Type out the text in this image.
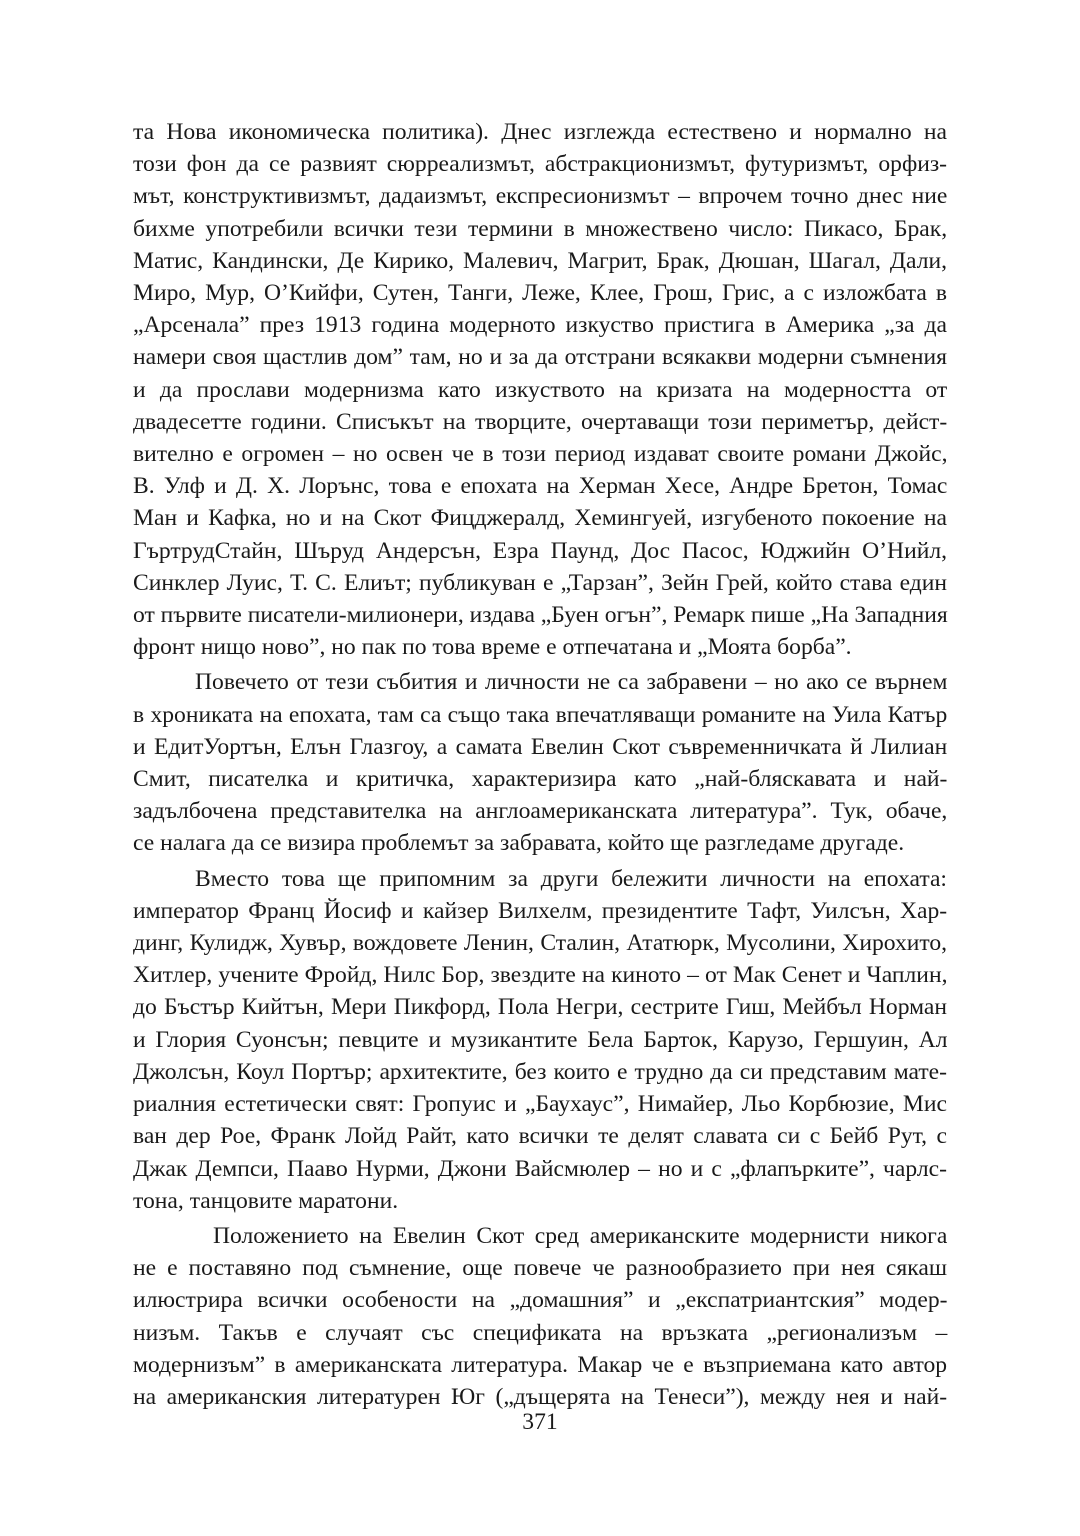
та Нова икономическа политика). Днес изглежда естествено и нормално на
този фон да се развият сюрреализмът, абстракционизмът, футуризмът, орфиз-
мът, конструктивизмът, дадаизмът, експресионизмът – впрочем точно днес ние
бихме употребили всички тези термини в множествено число: Пикасо, Брак,
Матис, Кандински, Де Кирико, Малевич, Магрит, Брак, Дюшан, Шагал, Дали,
Миро, Мур, О’Кийфи, Сутен, Танги, Леже, Клее, Грош, Грис, а с изложбата в
„Арсенала” през 1913 година модерното изкуство пристига в Америка „за да
намери своя щастлив дом” там, но и за да отстрани всякакви модерни съмнения
и да прослави модернизма като изкуството на кризата на модерността от
двадесетте години. Списъкът на творците, очертаващи този периметър, дейст-
вително е огромен – но освен че в този период издават своите романи Джойс,
В. Улф и Д. Х. Лорънс, това е епохата на Херман Хесе, Андре Бретон, Томас
Ман и Кафка, но и на Скот Фицджералд, Хемингуей, изгубеното покоение на
ГъртрудСтайн, Шъруд Андерсън, Езра Паунд, Дос Пасос, Юджийн О’Нийл,
Синклер Луис, Т. С. Елиът; публикуван е „Тарзан”, Зейн Грей, който става един
от първите писатели-милионери, издава „Буен огън”, Ремарк пише „На Западния
фронт нищо ново”, но пак по това време е отпечатана и „Моята борба”.

Повечето от тези събития и личности не са забравени – но ако се върнем
в хрониката на епохата, там са също така впечатляващи романите на Уила Катър
и ЕдитУортън, Елън Глазгоу, а самата Евелин Скот съвременничката й Лилиан
Смит, писателка и критичка, характеризира като „най-бляскавата и най-
задълбочена представителка на англоамериканската литература”. Тук, обаче,
се налага да се визира проблемът за забравата, който ще разгледаме другаде.

Вместо това ще припомним за други бележити личности на епохата:
император Франц Йосиф и кайзер Вилхелм, президентите Тафт, Уилсън, Хар-
динг, Кулидж, Хувър, вождовете Ленин, Сталин, Ататюрк, Мусолини, Хирохито,
Хитлер, учените Фройд, Нилс Бор, звездите на киното – от Мак Сенет и Чаплин,
до Бъстър Кийтън, Мери Пикфорд, Пола Негри, сестрите Гиш, Мейбъл Норман
и Глория Суонсън; певците и музикантите Бела Барток, Карузо, Гершуин, Ал
Джолсън, Коул Портър; архитектите, без които е трудно да си представим мате-
риалния естетически свят: Гропуис и „Баухаус”, Нимайер, Льо Корбюзие, Мис
ван дер Рое, Франк Лойд Райт, като всички те делят славата си с Бейб Рут, с
Джак Демпси, Пааво Нурми, Джони Вайсмюлер – но и с „флапърките”, чарлс-
тона, танцовите маратони.

Положението на Евелин Скот сред американските модернисти никога
не е поставяно под съмнение, още повече че разнообразието при нея сякаш
илюстрира всички особености на „домашния” и „експатриантския” модер-
низъм. Такъв е случаят със спецификата на връзката „регионализъм –
модернизъм” в американската литература. Макар че е възприемана като автор
на американския литературен Юг („дъщерята на Тенеси”), между нея и най-

371
